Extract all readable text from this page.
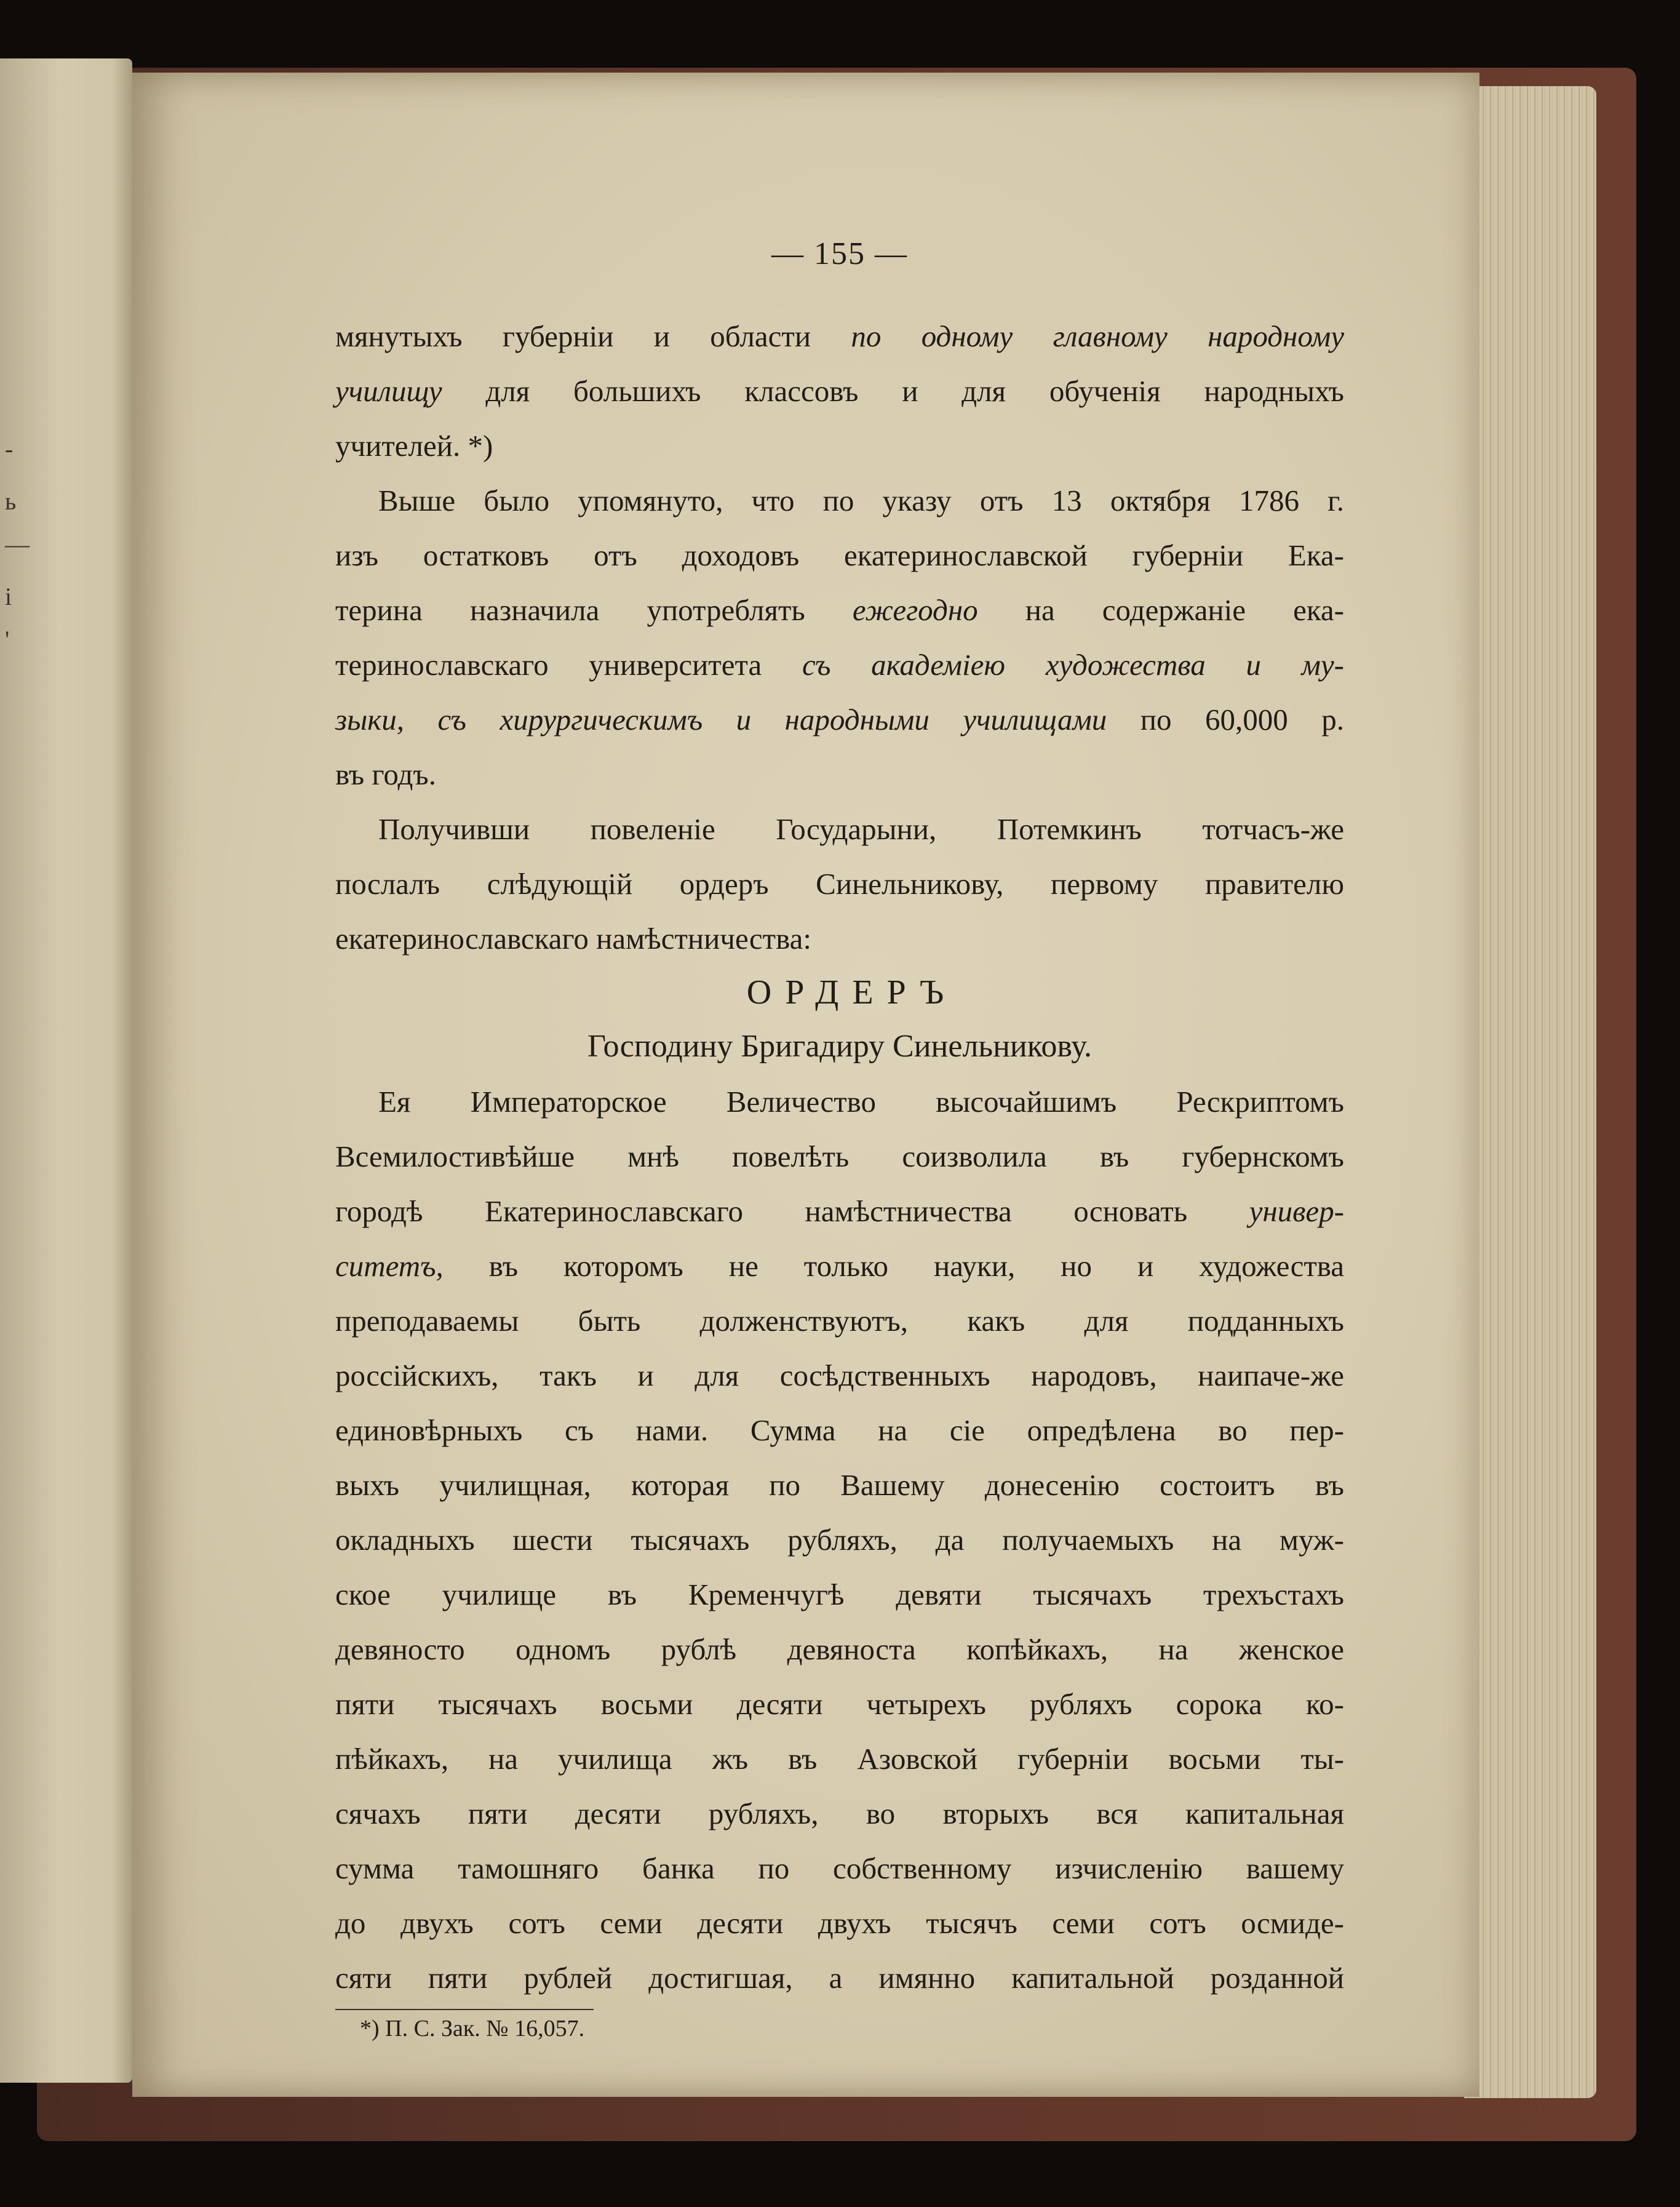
-
ь
—
і
'
— 155 —
мянутыхъ губерніи и области по одному главному народному
училищу для большихъ классовъ и для обученія народныхъ
учителей. *)
Выше было упомянуто, что по указу отъ 13 октября 1786 г.
изъ остатковъ отъ доходовъ екатеринославской губерніи Ека-
терина назначила употреблять ежегодно на содержаніе ека-
теринославскаго университета съ академіею художества и му-
зыки, съ хирургическимъ и народными училищами по 60,000 р.
въ годъ.
Получивши повеленіе Государыни, Потемкинъ тотчасъ-же
послалъ слѣдующій ордеръ Синельникову, первому правителю
екатеринославскаго намѣстничества:
ОРДЕРЪ
Господину Бригадиру Синельникову.
Ея Императорское Величество высочайшимъ Рескриптомъ
Всемилостивѣйше мнѣ повелѣть соизволила въ губернскомъ
городѣ Екатеринославскаго намѣстничества основать универ-
ситетъ, въ которомъ не только науки, но и художества
преподаваемы быть долженствуютъ, какъ для подданныхъ
россійскихъ, такъ и для сосѣдственныхъ народовъ, наипаче-же
единовѣрныхъ съ нами. Сумма на сіе опредѣлена во пер-
выхъ училищная, которая по Вашему донесенію состоитъ въ
окладныхъ шести тысячахъ рубляхъ, да получаемыхъ на муж-
ское училище въ Кременчугѣ девяти тысячахъ трехъстахъ
девяносто одномъ рублѣ девяноста копѣйкахъ, на женское
пяти тысячахъ восьми десяти четырехъ рубляхъ сорока ко-
пѣйкахъ, на училища жъ въ Азовской губерніи восьми ты-
сячахъ пяти десяти рубляхъ, во вторыхъ вся капитальная
сумма тамошняго банка по собственному изчисленію вашему
до двухъ сотъ семи десяти двухъ тысячъ семи сотъ осмиде-
сяти пяти рублей достигшая, а имянно капитальной розданной
*) П. С. Зак. № 16,057.
